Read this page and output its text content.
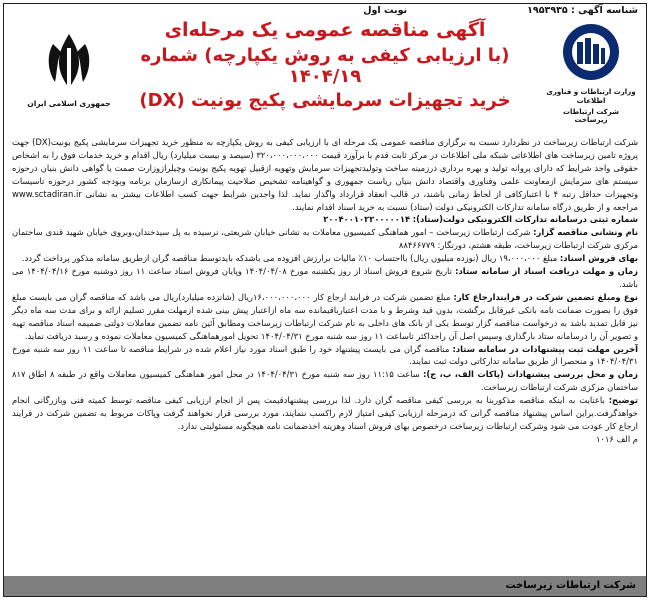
شناسه آگهی : ۱۹۵۳۹۳۵
نوبت اول
وزارت ارتباطات و فناوری اطلاعات
شرکت ارتباطات زیرساخت
آگهی مناقصه عمومی یک مرحله‌ای
(با ارزیابی کیفی به روش یکپارچه) شماره ۱۴۰۴/۱۹
خرید تجهیزات سرمایشی پکیج یونیت (DX)
جمهوری اسلامی ایران

شرکت ارتباطات زیرساخت در نظردارد نسبت به برگزاری مناقصه عمومی یک مرحله ای با ارزیابی کیفی به روش یکپارچه به منظور خرید تجهیزات سرمایشی پکیج یونیت(DX) جهت پروژه تامین زیرساخت های اطلاعاتی شبکه ملی اطلاعات در مرکز ثابت قدم با برآورد قیمت ۳۲۰،۰۰۰،۰۰۰،۰۰۰ (سیصد و بیست میلیارد) ریال اقدام و خرید خدمات فوق را به اشخاص حقوقی واجد شرایط که دارای پروانه تولید و بهره برداری درزمینه ساخت وتولیدتجهیزات سرمایش وتهویه ازقبیل تهویه پکیج یونیت وچیلرازوزارت صمت یا گواهی دانش بنیان درحوزه سیستم های سرمایش ازمعاونت علمی وفناوری واقتصاد دانش بنیان ریاست جمهوری و گواهینامه تشخیص صلاحیت پیمانکاری ازسازمان برنامه وبودجه کشور درحوزه تاسیسات وتجهیزات حداقل رتبه ۴ با اعتبارکافی از لحاظ زمانی باشند، در قالب انعقاد قرارداد واگذار نماید. لذا واجدین شرایط جهت کسب اطلاعات بیشتر به نشانی www.sctadiran.ir مراجعه و از طریق درگاه سامانه تدارکات الکترونیکی دولت (ستاد) نسبت به خرید اسناد اقدام نمایند.

شماره ثبتی درسامانه تدارکات الکترونیکی دولت(ستاد): ۲۰۰۴۰۰۱۰۲۲۰۰۰۰۰۱۴

نام ونشانی مناقصه گزار: شرکت ارتباطات زیرساخت – امور هماهنگی کمیسیون معاملات به نشانی خیابان شریعتی، نرسیده به پل سیدخندان،وبروی خیابان شهید قندی ساختمان مرکزی شرکت ارتباطات زیرساخت، طبقه هشتم، دورنگار: ۸۸۴۶۶۷۷۹

بهای فروش اسناد: مبلغ ۱۹،۰۰۰،۰۰۰ ریال (نوزده میلیون ریال) بااحتساب ۱۰٪ مالیات برارزش افزوده می باشدکه بایدتوسط مناقصه گران ازطریق سامانه مذکور پرداخت گردد.

زمان و مهلت دریافت اسناد از سامانه ستاد: تاریخ شروع فروش اسناد از روز یکشنبه مورخ ۱۴۰۴/۰۴/۰۸ وپایان فروش اسناد ساعت ۱۱ روز دوشنبه مورخ ۱۴۰۴/۰۴/۱۶ می باشد.

نوع ومبلغ تضمین شرکت در فرایندارجاع کار: مبلغ تضمین شرکت در فرایند ارجاع کار ۱۶،۰۰۰،۰۰۰،۰۰۰ریال (شانزده میلیارد)ریال می باشد که مناقصه گران می بایست مبلغ فوق را بصورت ضمانت نامه بانکی غیرقابل برگشت، بدون قید وشرط و با مدت اعتبارباقیمانده سه ماه ازاعتبار پیش بینی شده ازمهلت مقرر تسلیم ارائه و برای مدت سه ماه دیگر نیز قابل تمدید باشد به درخواست مناقصه گزار توسط یکی از بانک های داخلی به نام شرکت ارتباطات زیرساخت ومطابق آئین نامه تضمین معاملات دولتی ضمیمه اسناد مناقصه تهیه و تصویر آن را درسامانه ستاد بارگذاری وسپس اصل آن راحداکثر تاساعت ۱۱ روز سه شنبه مورخ ۱۴۰۴/۰۴/۳۱ تحویل امورهماهنگی کمیسیون معاملات نموده و رسید دریافت نماید.

آخرین مهلت ثبت پیشنهادات در سامانه ستاد: مناقصه گران می بایست پیشنهاد خود را طبق اسناد مورد نیاز اعلام شده در شرایط مناقصه تا ساعت ۱۱ روز سه شنبه مورخ ۱۴۰۴/۰۴/۳۱ و منحصرا از طریق سامانه تدارکاتی دولت ثبت نمایند.

زمان و محل بررسی پیشنهادات (پاکات الف، ب، ج): ساعت ۱۱:۱۵ روز سه شنبه مورخ ۱۴۰۴/۰۴/۳۱ در محل امور هماهنگی کمیسیون معاملات واقع در طبقه ۸ اطاق ۸۱۷ ساختمان مرکزی شرکت ارتباطات زیرساخت.

توضیح: باعنایت به اینکه مناقصه مذکوربنا به بررسی کیفی مناقصه گران دارد. لذا بررسی پیشنهادقیمت پس از انجام ارزیابی کیفی مناقصه توسط کمیته فنی وبازرگانی انجام خواهدگرفت.براین اساس پیشنهاد مناقصه گرانی که درمرحله ارزیابی کیفی امتیاز لازم راکسب ننمایند، مورد بررسی قرار نخواهند گرفت وپاکات مربوط به تضمین شرکت در فرایند ارجاع کار عودت می شود وشرکت ارتباطات زیرساخت درخصوص بهای فروش اسناد وهزینه اخذضمانت نامه هیچگونه مسئولیتی ندارد.

م الف ۱۰۱۶

شرکت ارتباطات زیرساخت
